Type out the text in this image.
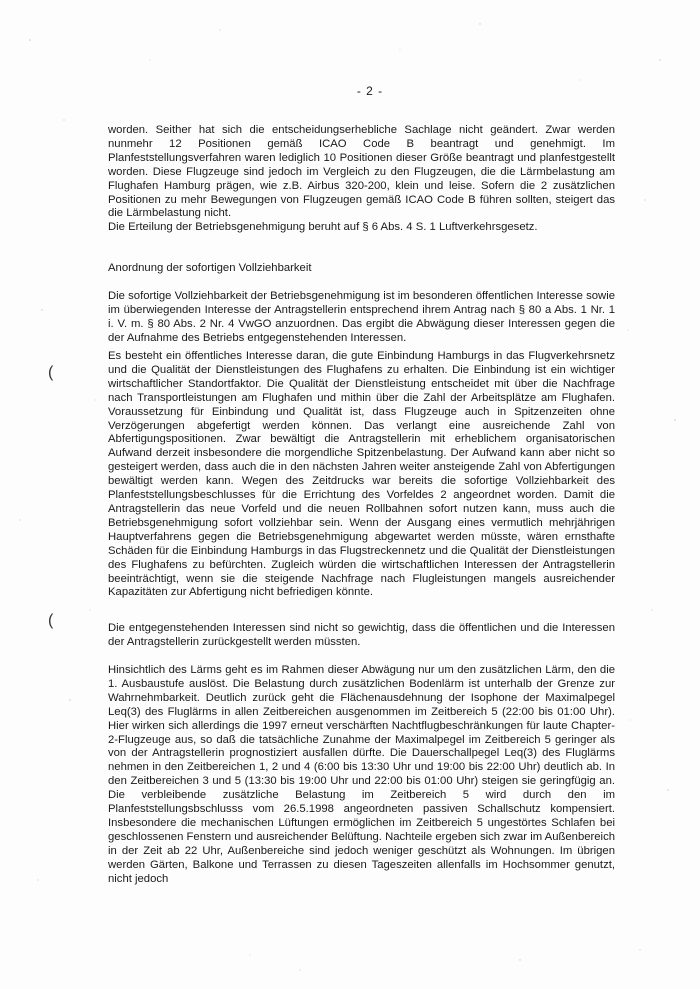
(
(
- 2 -

worden. Seither hat sich die entscheidungserhebliche Sachlage nicht geändert. Zwar werden nunmehr 12 Positionen gemäß ICAO Code B beantragt und genehmigt. Im Planfeststellungsverfahren waren lediglich 10 Positionen dieser Größe beantragt und planfestgestellt worden. Diese Flugzeuge sind jedoch im Vergleich zu den Flugzeugen, die die Lärmbelastung am Flughafen Hamburg prägen, wie z.B. Airbus 320-200, klein und leise. Sofern die 2 zusätzlichen Positionen zu mehr Bewegungen von Flugzeugen gemäß ICAO Code B führen sollten, steigert das die Lärmbelastung nicht.

Die Erteilung der Betriebsgenehmigung beruht auf § 6 Abs. 4 S. 1 Luftverkehrsgesetz.

Anordnung der sofortigen Vollziehbarkeit

Die sofortige Vollziehbarkeit der Betriebsgenehmigung ist im besonderen öffentlichen Interesse sowie im überwiegenden Interesse der Antragstellerin entsprechend ihrem Antrag nach § 80 a Abs. 1 Nr. 1 i. V. m. § 80 Abs. 2 Nr. 4 VwGO anzuordnen. Das ergibt die Abwägung dieser Interessen gegen die der Aufnahme des Betriebs entgegenstehenden Interessen.

Es besteht ein öffentliches Interesse daran, die gute Einbindung Hamburgs in das Flugverkehrsnetz und die Qualität der Dienstleistungen des Flughafens zu erhalten. Die Einbindung ist ein wichtiger wirtschaftlicher Standortfaktor. Die Qualität der Dienstleistung entscheidet mit über die Nachfrage nach Transportleistungen am Flughafen und mithin über die Zahl der Arbeitsplätze am Flughafen. Voraussetzung für Einbindung und Qualität ist, dass Flugzeuge auch in Spitzenzeiten ohne Verzögerungen abgefertigt werden können. Das verlangt eine ausreichende Zahl von Abfertigungspositionen. Zwar bewältigt die Antragstellerin mit erheblichem organisatorischen Aufwand derzeit insbesondere die morgendliche Spitzenbelastung. Der Aufwand kann aber nicht so gesteigert werden, dass auch die in den nächsten Jahren weiter ansteigende Zahl von Abfertigungen bewältigt werden kann. Wegen des Zeitdrucks war bereits die sofortige Vollziehbarkeit des Planfeststellungsbeschlusses für die Errichtung des Vorfeldes 2 angeordnet worden. Damit die Antragstellerin das neue Vorfeld und die neuen Rollbahnen sofort nutzen kann, muss auch die Betriebsgenehmigung sofort vollziehbar sein. Wenn der Ausgang eines vermutlich mehrjährigen Hauptverfahrens gegen die Betriebsgenehmigung abgewartet werden müsste, wären ernsthafte Schäden für die Einbindung Hamburgs in das Flugstreckennetz und die Qualität der Dienstleistungen des Flughafens zu befürchten. Zugleich würden die wirtschaftlichen Interessen der Antragstellerin beeinträchtigt, wenn sie die steigende Nachfrage nach Flugleistungen mangels ausreichender Kapazitäten zur Abfertigung nicht befriedigen könnte.

Die entgegenstehenden Interessen sind nicht so gewichtig, dass die öffentlichen und die Interessen der Antragstellerin zurückgestellt werden müssten.

Hinsichtlich des Lärms geht es im Rahmen dieser Abwägung nur um den zusätzlichen Lärm, den die 1. Ausbaustufe auslöst. Die Belastung durch zusätzlichen Bodenlärm ist unterhalb der Grenze zur Wahrnehmbarkeit. Deutlich zurück geht die Flächenausdehnung der Isophone der Maximalpegel Leq(3) des Fluglärms in allen Zeitbereichen ausgenommen im Zeitbereich 5 (22:00 bis 01:00 Uhr). Hier wirken sich allerdings die 1997 erneut verschärften Nachtflugbeschränkungen für laute Chapter-2-Flugzeuge aus, so daß die tatsächliche Zunahme der Maximalpegel im Zeitbereich 5 geringer als von der Antragstellerin prognostiziert ausfallen dürfte. Die Dauerschallpegel Leq(3) des Fluglärms nehmen in den Zeitbereichen 1, 2 und 4 (6:00 bis 13:30 Uhr und 19:00 bis 22:00 Uhr) deutlich ab. In den Zeitbereichen 3 und 5 (13:30 bis 19:00 Uhr und 22:00 bis 01:00 Uhr) steigen sie geringfügig an. Die verbleibende zusätzliche Belastung im Zeitbereich 5 wird durch den im Planfeststellungsbschlusss vom 26.5.1998 angeordneten passiven Schallschutz kompensiert. Insbesondere die mechanischen Lüftungen ermöglichen im Zeitbereich 5 ungestörtes Schlafen bei geschlossenen Fenstern und ausreichender Belüftung. Nachteile ergeben sich zwar im Außenbereich in der Zeit ab 22 Uhr, Außenbereiche sind jedoch weniger geschützt als Wohnungen. Im übrigen werden Gärten, Balkone und Terrassen zu diesen Tageszeiten allenfalls im Hochsommer genutzt, nicht jedoch
